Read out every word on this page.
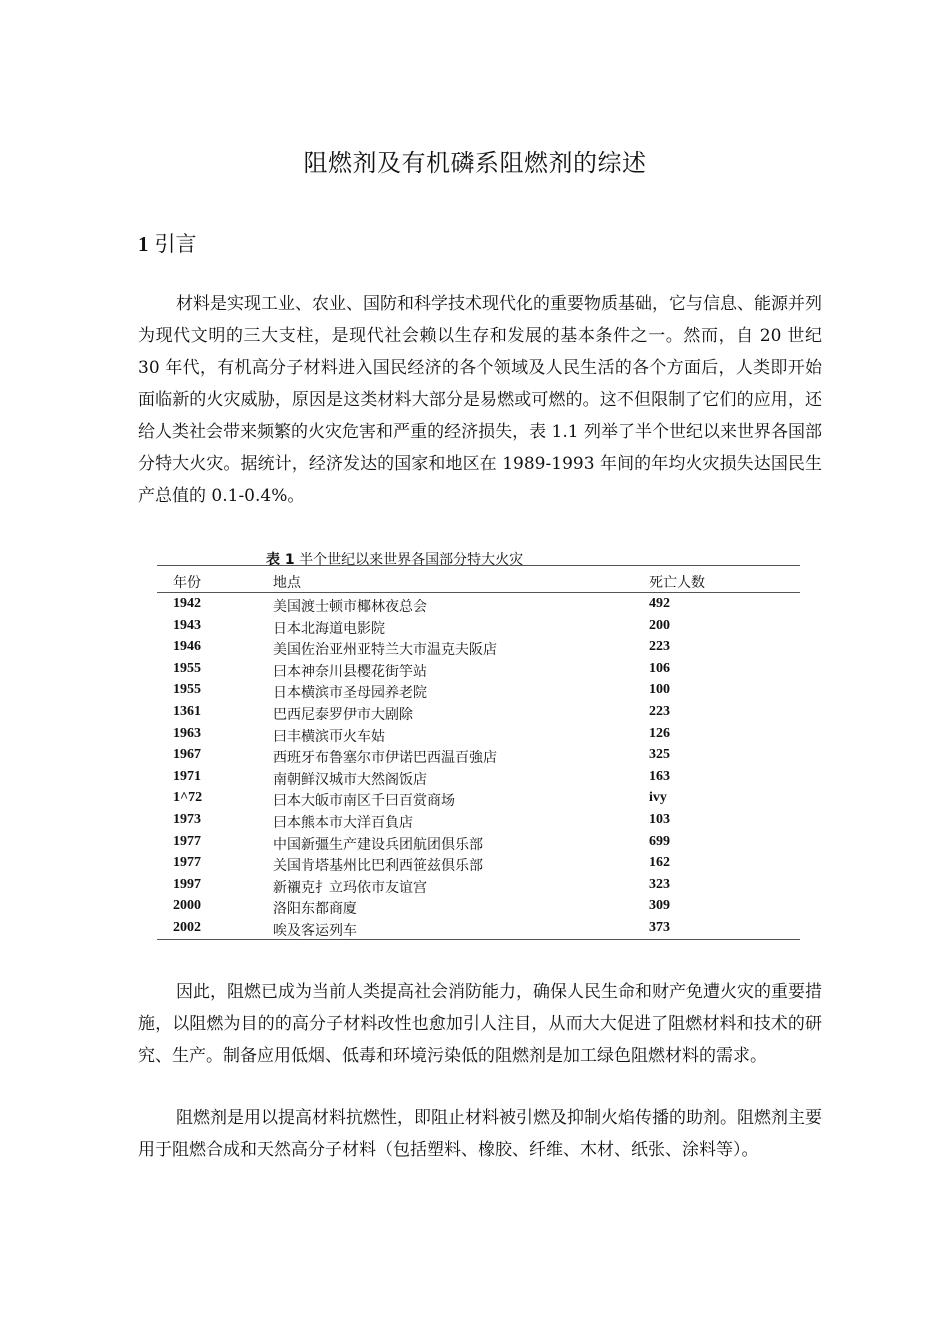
阻燃剂及有机磷系阻燃剂的综述
1 引言

材料是实现工业、农业、国防和科学技术现代化的重要物质基础，它与信息、能源并列为现代文明的三大支柱，是现代社会赖以生存和发展的基本条件之一。然而，自 20 世纪 30 年代，有机高分子材料进入国民经济的各个领域及人民生活的各个方面后，人类即开始面临新的火灾威胁，原因是这类材料大部分是易燃或可燃的。这不但限制了它们的应用，还给人类社会带来频繁的火灾危害和严重的经济损失，表 1.1 列举了半个世纪以来世界各国部分特大火灾。据统计，经济发达的国家和地区在 1989-1993 年间的年均火灾损失达国民生产总值的 0.1-0.4%。

表 1 半个世纪以来世界各国部分特大火灾
年份	地点	死亡人数
1942	美国渡士顿市椰林夜总会	492
1943	日本北海道电影院	200
1946	美国佐治亚州亚特兰大市温克夫阪店	223
1955	曰本神奈川县樱花街竽站	106
1955	日本横滨市圣母园养老院	100
1361	巴西尼泰罗伊市大剧除	223
1963	曰丰横滨帀火车姑	126
1967	西班牙布鲁塞尔市伊诺巴西温百強店	325
1971	南朝鲜汉城市大然阁饭店	163
1^72	曰本大皈市南区千曰百赏商场	ivy
1973	曰本熊本市大洋百負店	103
1977	中国新彊生产建设兵团航团倶乐部	699
1977	关国肯塔基州比巴利西笹兹倶乐部	162
1997	新襯克扌立玛依市友谊宫	323
2000	洛阳东都商廈	309
2002	唉及客运列车	373

因此，阻燃已成为当前人类提高社会消防能力，确保人民生命和财产免遭火灾的重要措施，以阻燃为目的的高分子材料改性也愈加引人注目，从而大大促进了阻燃材料和技术的研究、生产。制备应用低烟、低毒和环境污染低的阻燃剂是加工绿色阻燃材料的需求。

阻燃剂是用以提高材料抗燃性，即阻止材料被引燃及抑制火焰传播的助剂。阻燃剂主要用于阻燃合成和天然高分子材料（包括塑料、橡胶、纤维、木材、纸张、涂料等）。
